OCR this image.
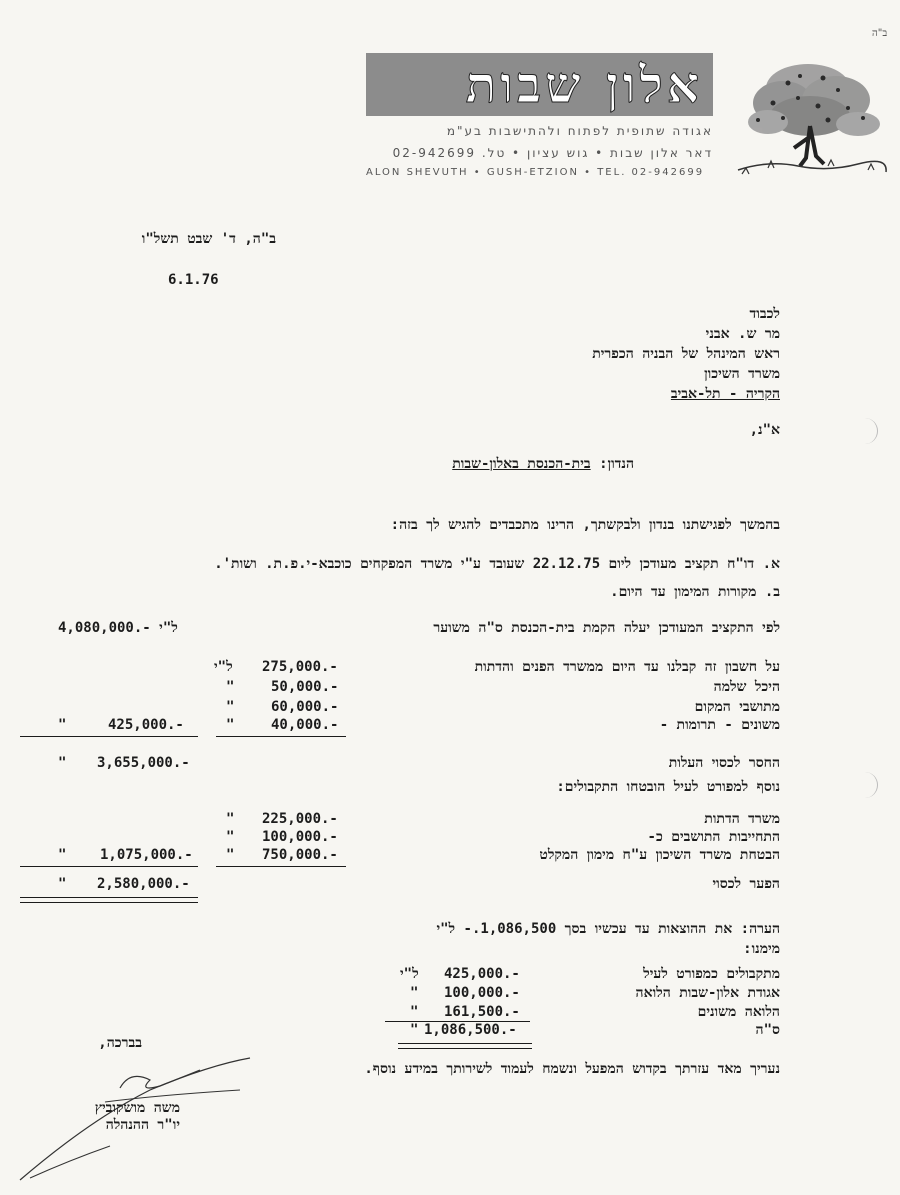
ב"ה
אלון שבות
אגודה שתופית לפתוח ולהתישבות בע"מ
דאר אלון שבות • גוש עציון • טל. 02-942699
ALON SHEVUTH • GUSH-ETZION • TEL. 02-942699
ב"ה, ד' שבט תשל"ו
6.1.76
לכבוד
מר ש. אבני
ראש המינהל של הבניה הכפרית
משרד השיכון
הקריה - תל-אביב
א"נ,
הנדון: בית-הכנסת באלון-שבות
בהמשך לפגישתנו בנדון ולבקשתך, הרינו מתכבדים להגיש לך בזה:
א. דו"ח תקציב מעודכן ליום 22.12.75 שעובד ע"י משרד המפקחים כוכבא-י.פ.ת. ושות'.
ב. מקורות המימון עד היום.
לפי התקציב המעודכן יעלה הקמת בית-הכנסת ס"ה משוער
4,080,000.- ל"י
על חשבון זה קבלנו עד היום ממשרד הפנים והדתות
275,000.-
ל"י
היכל שלמה
50,000.-
"
מתושבי המקום
60,000.-
"
משונים - תרומות -
40,000.-
"
425,000.-
"
החסר לכסוי העלות
3,655,000.-
"
נוסף למפורט לעיל הובטחו התקבולים:
משרד הדתות
225,000.-
"
התחייבות התושבים כ-
100,000.-
"
הבטחת משרד השיכון ע"ח מימון המקלט
750,000.-
"
1,075,000.-
"
הפער לכסוי
2,580,000.-
"
הערה: את ההוצאות עד עכשיו בסך 1,086,500.- ל"י
מימנו:
מתקבולים כמפורט לעיל
425,000.-
ל"י
אגודת אלון-שבות הלואה
100,000.-
"
הלואה משונים
161,500.-
"
ס"ה
1,086,500.-
"
נעריך מאד עזרתך בקדוש המפעל ונשמח לעמוד לשירותך במידע נוסף.
בברכה,
משה מושקוביץ
יו"ר ההנהלה
